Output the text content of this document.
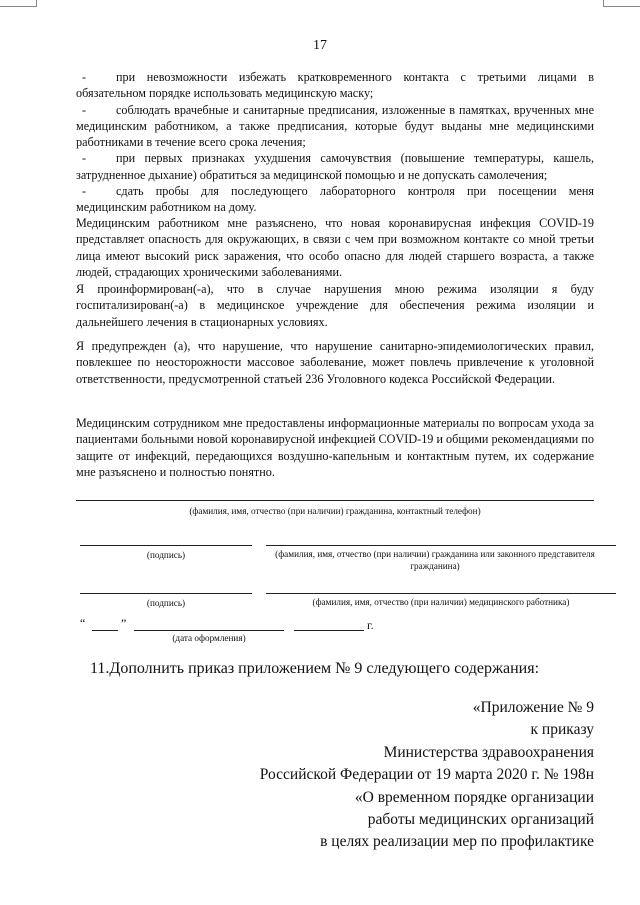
17
-	при невозможности избежать кратковременного контакта с третьими лицами в обязательном порядке использовать медицинскую маску;
-	соблюдать врачебные и санитарные предписания, изложенные в памятках, врученных мне медицинским работником, а также предписания, которые будут выданы мне медицинскими работниками в течение всего срока лечения;
-	при первых признаках ухудшения самочувствия (повышение температуры, кашель, затрудненное дыхание) обратиться за медицинской помощью и не допускать самолечения;
-	сдать пробы для последующего лабораторного контроля при посещении меня медицинским работником на дому.
Медицинским работником мне разъяснено, что новая коронавирусная инфекция COVID-19 представляет опасность для окружающих, в связи с чем при возможном контакте со мной третьи лица имеют высокий риск заражения, что особо опасно для людей старшего возраста, а также людей, страдающих хроническими заболеваниями.
Я проинформирован(-а), что в случае нарушения мною режима изоляции я буду госпитализирован(-а) в медицинское учреждение для обеспечения режима изоляции и дальнейшего лечения в стационарных условиях.
Я предупрежден (а), что нарушение, что нарушение санитарно-эпидемиологических правил, повлекшее по неосторожности массовое заболевание, может повлечь привлечение к уголовной ответственности, предусмотренной статьей 236 Уголовного кодекса Российской Федерации.
Медицинским сотрудником мне предоставлены информационные материалы по вопросам ухода за пациентами больными новой коронавирусной инфекцией COVID-19 и общими рекомендациями по защите от инфекций, передающихся воздушно-капельным и контактным путем, их содержание мне разъяснено и полностью понятно.
(фамилия, имя, отчество (при наличии) гражданина, контактный телефон)
(подпись)	(фамилия, имя, отчество (при наличии) гражданина или законного представителя гражданина)
(подпись)	(фамилия, имя, отчество (при наличии) медицинского работника)
“	”	г.
(дата оформления)
11.Дополнить приказ приложением № 9 следующего содержания:
«Приложение № 9
к приказу
Министерства здравоохранения
Российской Федерации от 19 марта 2020 г. № 198н
«О временном порядке организации
работы медицинских организаций
в целях реализации мер по профилактике
